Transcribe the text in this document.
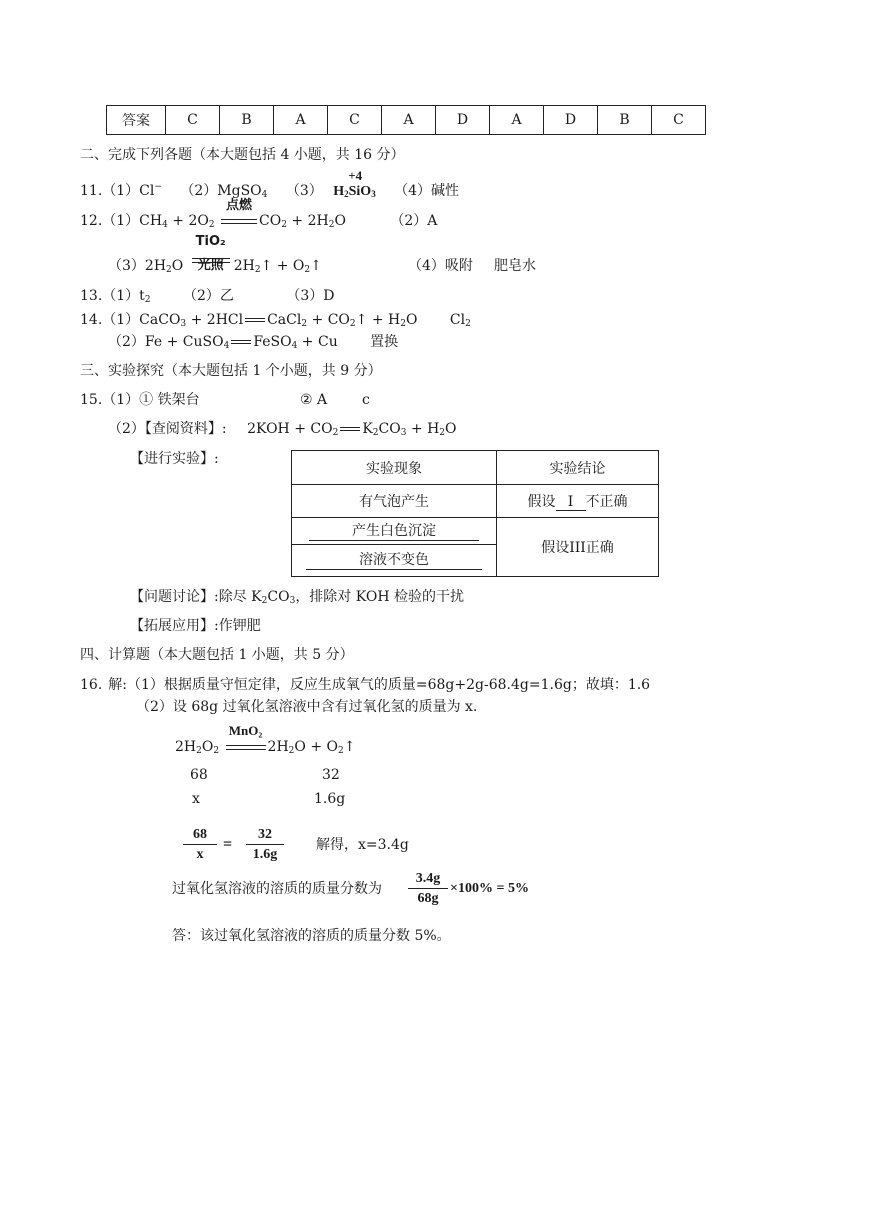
答案	C	B	A	C	A	D	A	D	B	C
二、完成下列各题（本大题包括 4 小题，共 16 分）
11.（1）Cl− （2）MgSO$_4$ （3）
+4
$H_2SiO_3$ （4）碱性
$12.(1)CH_4 + 2O_2$
点燃
$CO_2 + 2H_2O$	（2）A
$(3)2H_2O$
TiO₂
光照 $2H_2↑$ + $O_2↑$	（4）吸附 肥皂水
$13.(1)t_2$ （2）乙	（3）D
14.（1）CaCO$_3$ + 2HCl CaCl$_2$ + $CO_2↑ + H_2O$ $Cl_2$
（2）Fe + CuSO$_4$ FeSO$_4$ + Cu 置换
三、实验探究（本大题包括 1 个小题，共 9 分）
15.（1）① 铁架台	② A c
（2）【查阅资料】: $2KOH + CO_2$ $K_2CO_3 + H_2O$
【进行实验】:
实验现象	实验结论
有气泡产生	假设 I 不正确
产生白色沉淀	假设III正确
溶液不变色	
【问题讨论】:除尽 $K_2CO_3$，排除对 KOH 检验的干扰
【拓展应用】:作钾肥
四、计算题（本大题包括 1 小题，共 5 分）
16. 解:（1）根据质量守恒定律，反应生成氧气的质量=68g+2g-68.4g=1.6g；故填：1.6
（2）设 68g 过氧化氢溶液中含有过氧化氢的质量为 x.
$2H_2O_2$
MnO₂
$2H_2O$ + $O_2↑$
68	32
x	1.6g
$\frac{68}{x} = \frac{32}{1.6g}$ 解得，x=3.4g
过氧化氢溶液的溶质的质量分数为 $\frac{3.4g}{68g} \times 100\% = 5\%$
答：该过氧化氢溶液的溶质的质量分数 5%。
